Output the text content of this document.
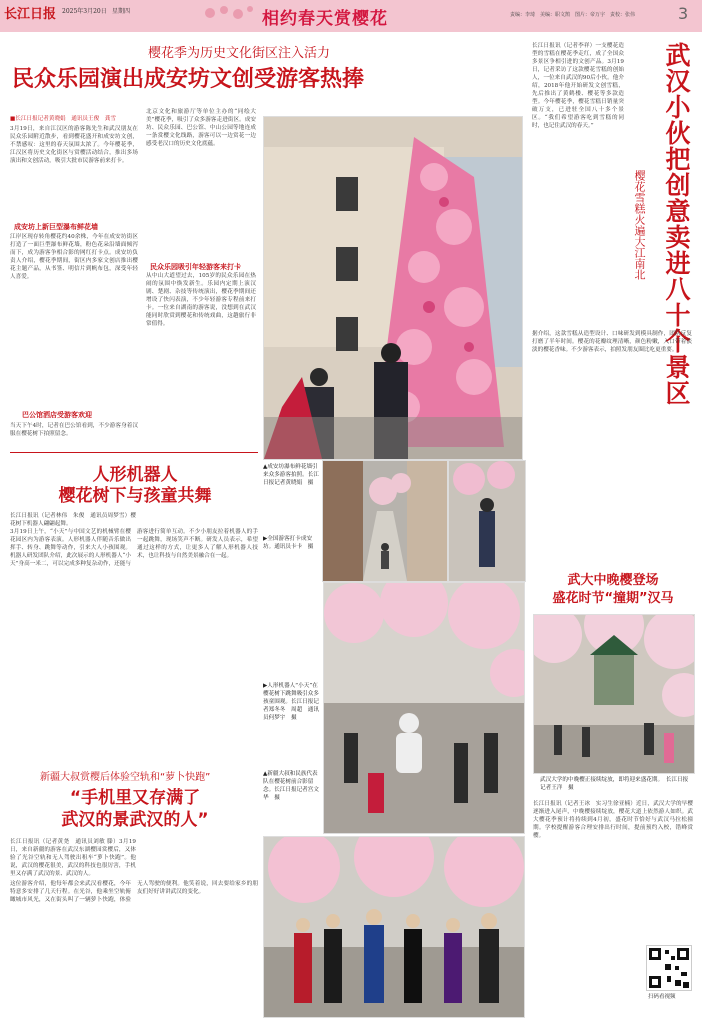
长江日报 2025年3月20日 星期四	相约春天赏樱花	责编：李琦　美编：职文鹄　图片：帝万宇　责校：张伟	3
樱花季为历史文化街区注入活力
民众乐园演出成安坊文创受游客热捧
■长江日报记者黄晓娟　通讯员王俊　龚雪
3月19日，来自江汉区的游客陈先生和武汉朋友在民众乐园附近散步，看到樱花盛开和成安坊文创，不禁感叹：这里的春天氛围太浓了。今年樱花季，江汉区将历史文化街区与赏樱活动结合，推出多场演出和文创活动，吸引大批市民游客前来打卡。
成安坊上新巨型瀑布鲜花墙
江岸区现存转角樱花约40余株，今年在成安坊街区打造了一面巨型瀑布鲜花墙，粉色花朵沿墙面倾泻而下，成为游客争相合影的网红打卡点。成安坊负责人介绍，樱花季期间，街区内多家文创店推出樱花主题产品，从书签、明信片到帆布包，深受年轻人喜爱。
巴公馆洒店受游客欢迎
当天下午4时，记者在巴公馆看到，不少游客身着汉服在樱花树下拍照留念。
北京文化和旅游厅等单位主办的“同绘大美”樱花季，吸引了众多游客走进街区。成安坊、民众乐园、巴公馆、中山公园等地连成一条赏樱文化线路，游客可以一边赏花一边感受老汉口的历史文化底蕴。
民众乐园吸引年轻游客来打卡
从中山大道望过去，105岁的民众乐园在热闹的氛围中焕发新生。乐园内定期上演汉剧、楚剧、杂技等传统演出，樱花季期间还增设了快闪表演，不少年轻游客专程前来打卡。一位来自湖南的游客说，没想到在武汉能同时欣赏到樱花和传统戏曲，这趟旅行非常值得。
▲成安坊瀑布鲜花墙引来众多游客拍照。长江日报记者黄晓娟　摄
▶全国游客打卡成安坊。通讯员卡卡　摄
人形机器人
樱花树下与孩童共舞
长江日报讯（记者林伟　朱俊　通讯员周梦雪）樱花树下机器人翩翩起舞。
3月19日上午，“小天”与中国文艺的机械臂在樱花园区内为游客表演。人形机器人伴随音乐做出挥手、转身、跳舞等动作，引来大人小孩围观。机器人研发团队介绍，此次展示的人形机器人“小天”身高一米二，可以完成多种复杂动作，还能与游客进行简单互动。不少小朋友拉着机器人的手一起跳舞，现场笑声不断。研发人员表示，希望通过这样的方式，让更多人了解人形机器人技术，也让科技与自然美景融合在一起。
▶人形机器人“小天”在樱花树下跳舞吸引众多孩童围观。长江日报记者郑冬冬　周超　通讯员何梦宇　摄
新疆大叔赏樱后体验空轨和“萝卜快跑”
“手机里又存满了
武汉的景武汉的人”
长江日报讯（记者黄尧　通讯员刘敏 滕）3月19日，来自新疆的游客在武汉东湖樱园赏樱后，又体验了光谷空轨和无人驾驶出租车“萝卜快跑”。他说，武汉的樱花很美，武汉的科技也很厉害，手机里又存满了武汉的景、武汉的人。
这位游客介绍，他每年都会来武汉看樱花，今年特意多安排了几天行程。在光谷，他乘坐空轨俯瞰城市风光，又在街头叫了一辆萝卜快跑，体验无人驾驶的便利。他笑着说，回去要给家乡的朋友们好好讲讲武汉的变化。
▲新疆大叔和民族代表队在樱花树前合影留念。长江日报记者宫文华　摄
武汉小伙把创意卖进八十个景区
樱花雪糕火遍大江南北
长江日报讯（记者李祥）一支樱花造型的雪糕在樱花季走红，成了全国众多景区争相引进的文创产品。3月19日，记者采访了这款樱花雪糕的创始人，一位来自武汉的90后小伙。他介绍，2018年他开始研发文创雪糕，先后推出了黄鹤楼、樱花等多款造型。今年樱花季，樱花雪糕日销量突破万支，已进驻全国八十多个景区。“我们希望游客吃到雪糕的同时，也记住武汉的春天。”
据介绍，这款雪糕从造型设计、口味研发到模具制作，团队反复打磨了半年时间。樱花的花瓣纹理清晰，颜色粉嫩，入口带着淡淡的樱花香味。不少游客表示，拍照发朋友圈比吃更重要。
武大中晚樱登场
盛花时节“撞期”汉马
武汉大学的中晚樱正接续绽放，即将迎来盛花期。　长江日报记者王洋　摄
长江日报讯（记者王冰　实习生徐亚楠）近日，武汉大学的早樱逐渐进入尾声，中晚樱接续绽放，樱花大道上依然游人如织。武大樱花季预计将持续到4月初，盛花时节恰好与武汉马拉松撞期。学校提醒游客合理安排出行时间，提前预约入校，错峰赏樱。
扫码看视频
